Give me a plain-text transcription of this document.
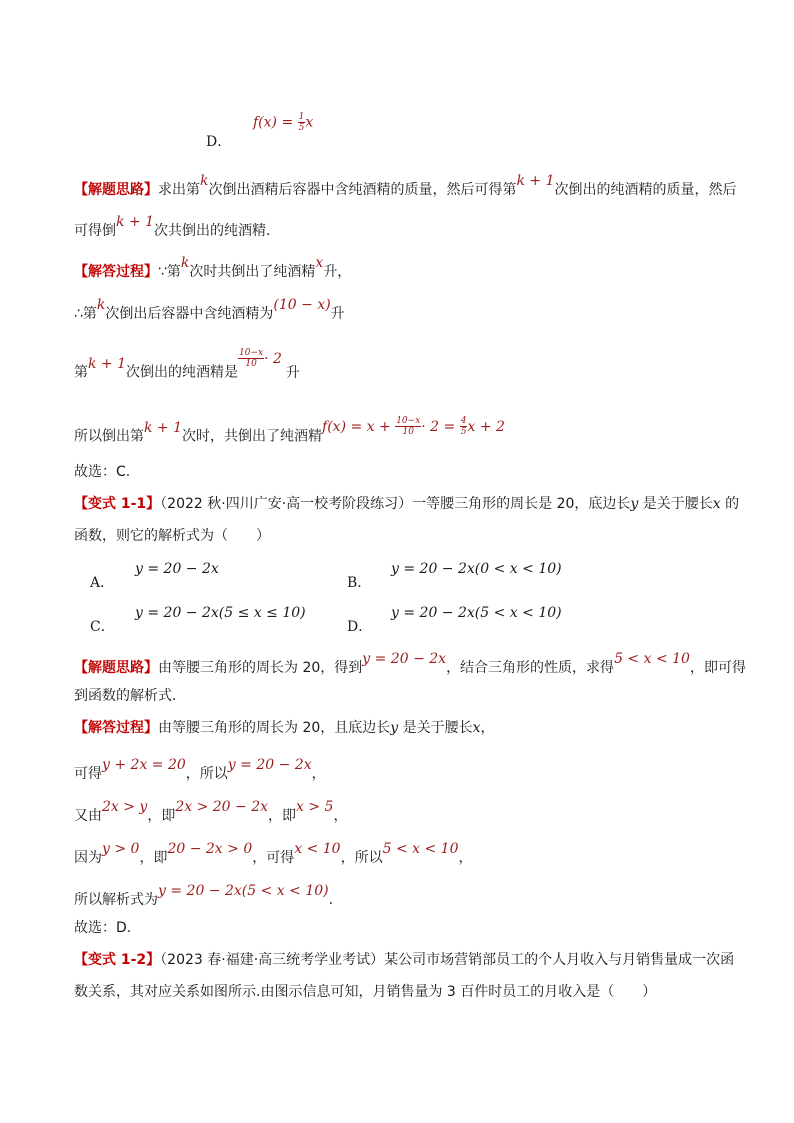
$f(x) = \frac{1}{5}$ x
D．
【解题思路】求出第k次倒出酒精后容器中含纯酒精的质量，然后可得第k + 1次倒出的纯酒精的质量，然后
可得倒k + 1次共倒出的纯酒精．
【解答过程】∵第k次时共倒出了纯酒精x升，
∴第k次倒出后容器中含纯酒精为(10 − x)升
第k + 1次倒出的纯酒精是
$\frac{10-x}{10} \cdot 2$升
所以倒出第k + 1次时，共倒出了纯酒精$f(x) = x + \frac{10-x}{10} \cdot 2 = \frac{4}{5}$ x + 2
故选：C.
【变式 1-1】（2022 秋·四川广安·高一校考阶段练习）一等腰三角形的周长是 20，底边长y 是关于腰长x 的
函数，则它的解析式为（　　）
A．
y = 20 − 2x
B．
y = 20 − 2x(0 < x < 10)
C．
y = 20 − 2x(5 ≤ x ≤ 10)
D．
y = 20 − 2x(5 < x < 10)
【解题思路】由等腰三角形的周长为 20，得到y = 20 − 2x，结合三角形的性质，求得5 < x < 10，即可得
到函数的解析式．
【解答过程】由等腰三角形的周长为 20，且底边长y 是关于腰长x，
可得y + 2x = 20，所以y = 20 − 2x，
又由2x > y，即2x > 20 − 2x，即x > 5，
因为y > 0，即20 − 2x > 0，可得x < 10，所以5 < x < 10，
所以解析式为y = 20 − 2x(5 < x < 10).
故选：D.
【变式 1-2】（2023 春·福建·高三统考学业考试）某公司市场营销部员工的个人月收入与月销售量成一次函
数关系，其对应关系如图所示.由图示信息可知，月销售量为 3 百件时员工的月收入是（　　）
